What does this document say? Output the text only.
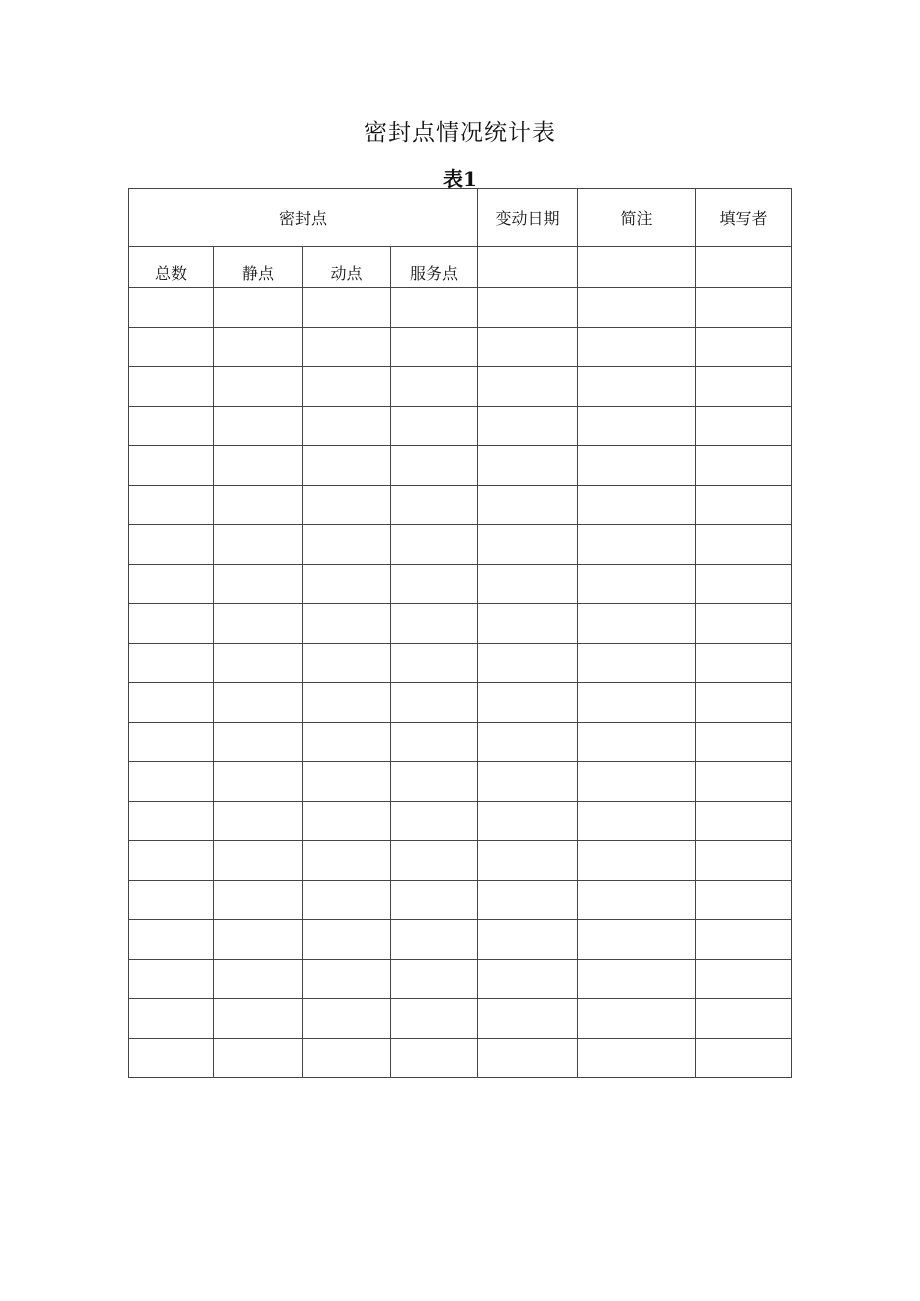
密封点情况统计表
表1
密封点				变动日期	简注	填写者
总数	静点	动点	服务点			
